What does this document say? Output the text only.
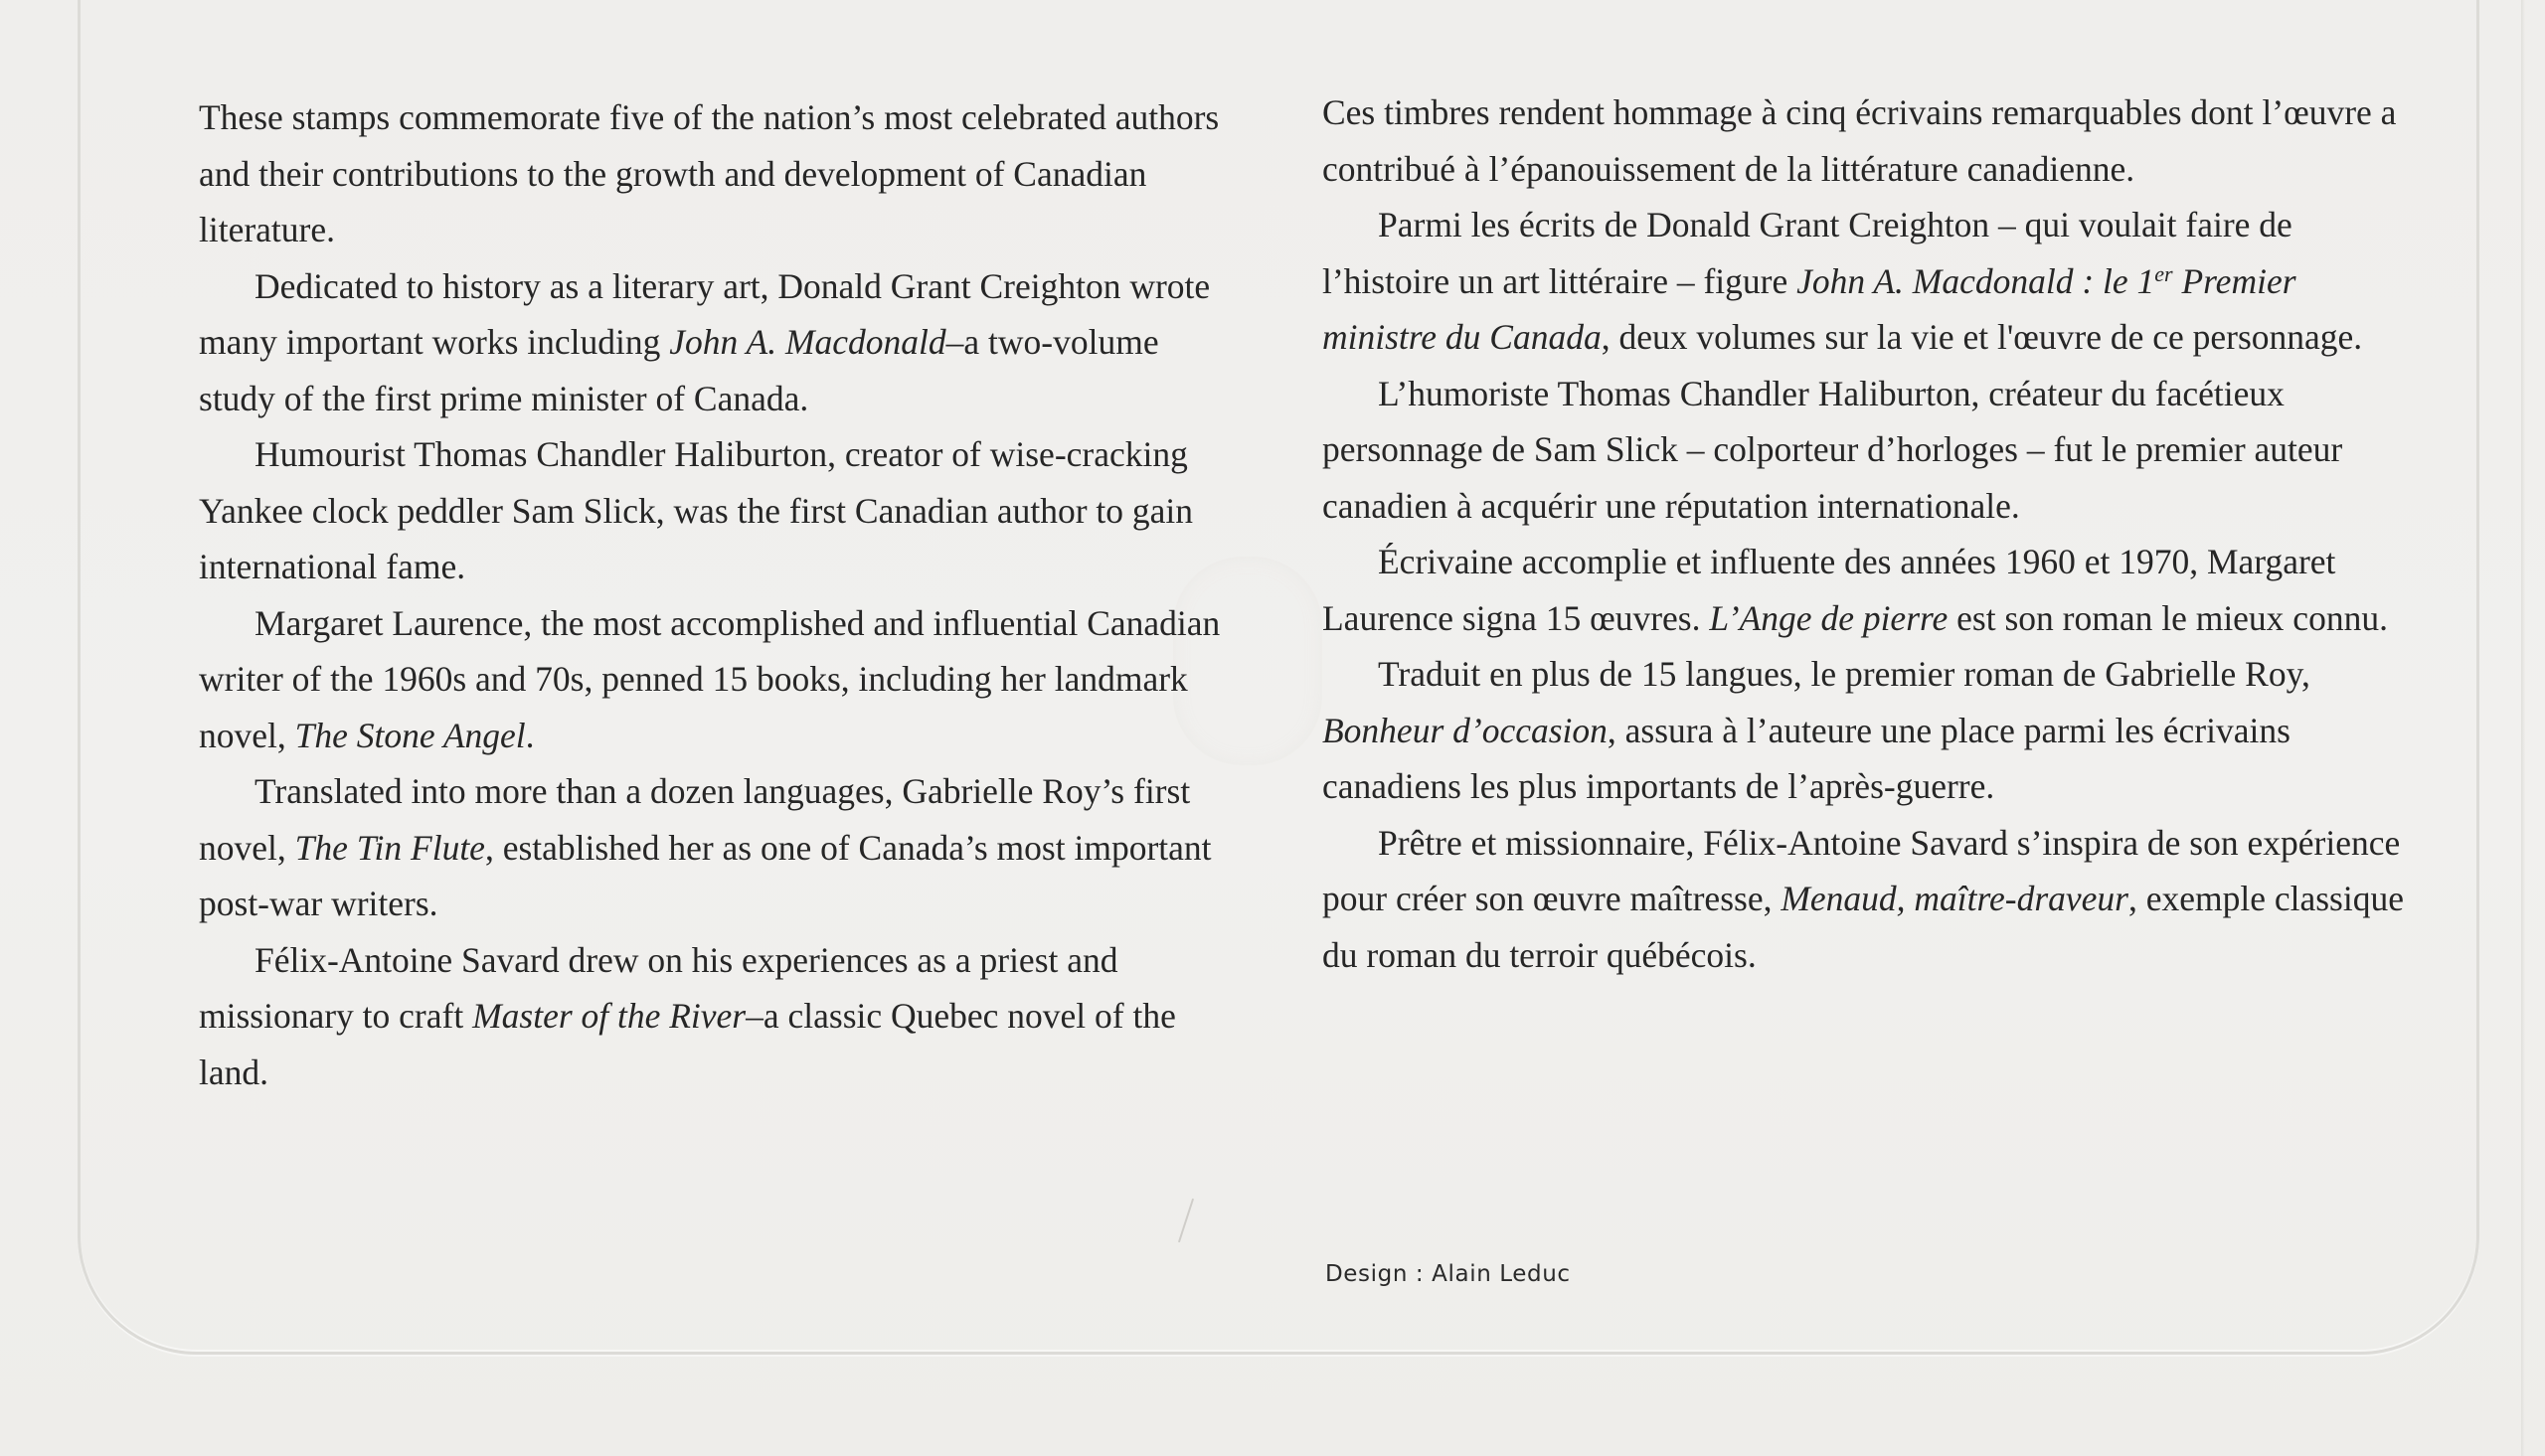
These stamps commemorate five of the nation’s most celebrated authors and their contributions to the growth and development of Canadian literature.

Dedicated to history as a literary art, Donald Grant Creighton wrote many important works including John A. Macdonald–a two-volume study of the first prime minister of Canada.

Humourist Thomas Chandler Haliburton, creator of wise-cracking Yankee clock peddler Sam Slick, was the first Canadian author to gain international fame.

Margaret Laurence, the most accomplished and influential Canadian writer of the 1960s and 70s, penned 15 books, including her landmark novel, The Stone Angel.

Translated into more than a dozen languages, Gabrielle Roy’s first novel, The Tin Flute, established her as one of Canada’s most important post-war writers.

Félix-Antoine Savard drew on his experiences as a priest and missionary to craft Master of the River–a classic Quebec novel of the land.

Ces timbres rendent hommage à cinq écrivains remarquables dont l’œuvre a contribué à l’épanouissement de la littérature canadienne.

Parmi les écrits de Donald Grant Creighton – qui voulait faire de l’histoire un art littéraire – figure John A. Macdonald : le 1er Premier ministre du Canada, deux volumes sur la vie et l'œuvre de ce personnage.

L’humoriste Thomas Chandler Haliburton, créateur du facétieux personnage de Sam Slick – colporteur d’horloges – fut le premier auteur canadien à acquérir une réputation internationale.

Écrivaine accomplie et influente des années 1960 et 1970, Margaret Laurence signa 15 œuvres. L’Ange de pierre est son roman le mieux connu.

Traduit en plus de 15 langues, le premier roman de Gabrielle Roy, Bonheur d’occasion, assura à l’auteure une place parmi les écrivains canadiens les plus importants de l’après-guerre.

Prêtre et missionnaire, Félix-Antoine Savard s’inspira de son expérience pour créer son œuvre maîtresse, Menaud, maître-draveur, exemple classique du roman du terroir québécois.

Design : Alain Leduc
